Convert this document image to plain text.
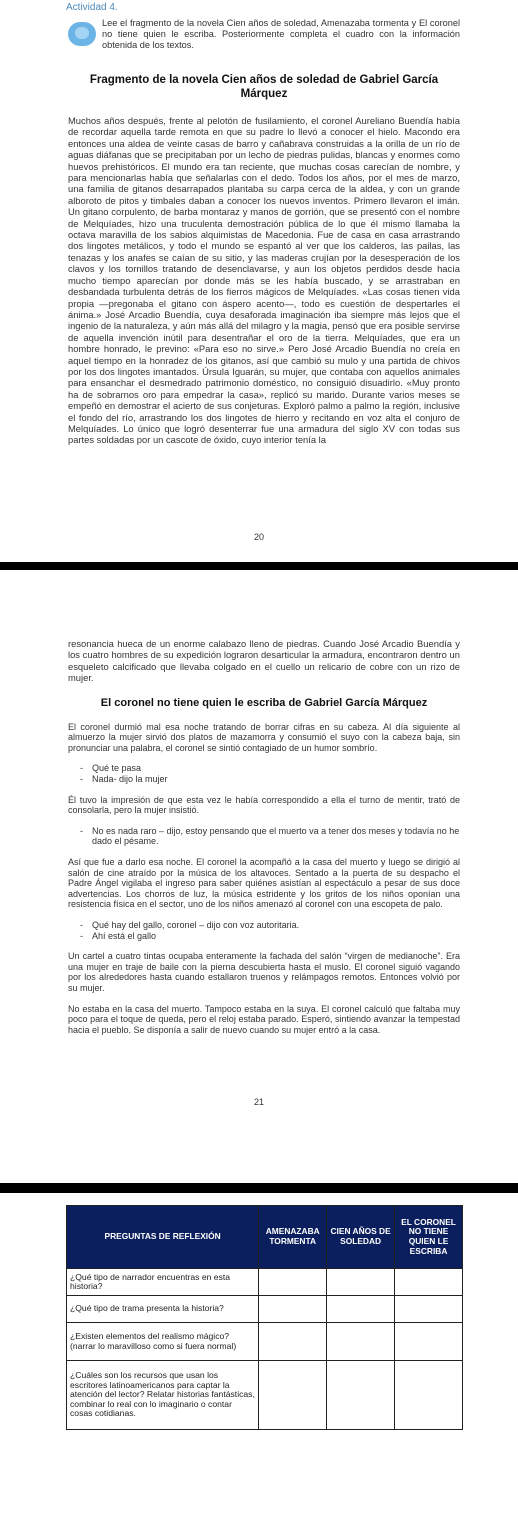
Actividad 4.
Lee el fragmento de la novela Cien años de soledad, Amenazaba tormenta y El coronel no tiene quien le escriba. Posteriormente completa el cuadro con la información obtenida de los textos.
Fragmento de la novela Cien años de soledad de Gabriel García Márquez

Muchos años después, frente al pelotón de fusilamiento, el coronel Aureliano Buendía había de recordar aquella tarde remota en que su padre lo llevó a conocer el hielo. Macondo era entonces una aldea de veinte casas de barro y cañabrava construidas a la orilla de un río de aguas diáfanas que se precipitaban por un lecho de piedras pulidas, blancas y enormes como huevos prehistóricos. El mundo era tan reciente, que muchas cosas carecían de nombre, y para mencionarlas había que señalarlas con el dedo. Todos los años, por el mes de marzo, una familia de gitanos desarrapados plantaba su carpa cerca de la aldea, y con un grande alboroto de pitos y timbales daban a conocer los nuevos inventos. Primero llevaron el imán. Un gitano corpulento, de barba montaraz y manos de gorrión, que se presentó con el nombre de Melquíades, hizo una truculenta demostración pública de lo que él mismo llamaba la octava maravilla de los sabios alquimistas de Macedonia. Fue de casa en casa arrastrando dos lingotes metálicos, y todo el mundo se espantó al ver que los calderos, las pailas, las tenazas y los anafes se caían de su sitio, y las maderas crujían por la desesperación de los clavos y los tornillos tratando de desenclavarse, y aun los objetos perdidos desde hacía mucho tiempo aparecían por donde más se les había buscado, y se arrastraban en desbandada turbulenta detrás de los fierros mágicos de Melquíades. «Las cosas tienen vida propia —pregonaba el gitano con áspero acento—, todo es cuestión de despertarles el ánima.» José Arcadio Buendía, cuya desaforada imaginación iba siempre más lejos que el ingenio de la naturaleza, y aún más allá del milagro y la magia, pensó que era posible servirse de aquella invención inútil para desentrañar el oro de la tierra. Melquíades, que era un hombre honrado, le previno: «Para eso no sirve.» Pero José Arcadio Buendía no creía en aquel tiempo en la honradez de los gitanos, así que cambió su mulo y una partida de chivos por los dos lingotes imantados. Úrsula Iguarán, su mujer, que contaba con aquellos animales para ensanchar el desmedrado patrimonio doméstico, no consiguió disuadirlo. «Muy pronto ha de sobrarnos oro para empedrar la casa», replicó su marido. Durante varios meses se empeñó en demostrar el acierto de sus conjeturas. Exploró palmo a palmo la región, inclusive el fondo del río, arrastrando los dos lingotes de hierro y recitando en voz alta el conjuro de Melquíades. Lo único que logró desenterrar fue una armadura del siglo XV con todas sus partes soldadas por un cascote de óxido, cuyo interior tenía la

20

resonancia hueca de un enorme calabazo lleno de piedras. Cuando José Arcadio Buendía y los cuatro hombres de su expedición lograron desarticular la armadura, encontraron dentro un esqueleto calcificado que llevaba colgado en el cuello un relicario de cobre con un rizo de mujer.

El coronel no tiene quien le escriba de Gabriel García Márquez

El coronel durmió mal esa noche tratando de borrar cifras en su cabeza. Al día siguiente al almuerzo la mujer sirvió dos platos de mazamorra y consumió el suyo con la cabeza baja, sin pronunciar una palabra, el coronel se sintió contagiado de un humor sombrío.

- Qué te pasa
- Nada- dijo la mujer

Él tuvo la impresión de que esta vez le había correspondido a ella el turno de mentir, trató de consolarla, pero la mujer insistió.

- No es nada raro – dijo, estoy pensando que el muerto va a tener dos meses y todavía no he dado el pésame.

Así que fue a darlo esa noche. El coronel la acompañó a la casa del muerto y luego se dirigió al salón de cine atraído por la música de los altavoces. Sentado a la puerta de su despacho el Padre Ángel vigilaba el ingreso para saber quiénes asistían al espectáculo a pesar de sus doce advertencias. Los chorros de luz, la música estridente y los gritos de los niños oponían una resistencia física en el sector, uno de los niños amenazó al coronel con una escopeta de palo.

- Qué hay del gallo, coronel – dijo con voz autoritaria.
- Ahí está el gallo

Un cartel a cuatro tintas ocupaba enteramente la fachada del salón “virgen de medianoche”. Era una mujer en traje de baile con la pierna descubierta hasta el muslo. El coronel siguió vagando por los alrededores hasta cuando estallaron truenos y relámpagos remotos. Entonces volvió por su mujer.

No estaba en la casa del muerto. Tampoco estaba en la suya. El coronel calculó que faltaba muy poco para el toque de queda, pero el reloj estaba parado. Esperó, sintiendo avanzar la tempestad hacia el pueblo. Se disponía a salir de nuevo cuando su mujer entró a la casa.

21
PREGUNTAS DE REFLEXIÓN	AMENAZABA TORMENTA	CIEN AÑOS DE SOLEDAD	EL CORONEL NO TIENE QUIEN LE ESCRIBA
¿Qué tipo de narrador encuentras en esta historia?			
¿Qué tipo de trama presenta la historia?			
¿Existen elementos del realismo mágico? (narrar lo maravilloso como si fuera normal)			
¿Cuáles son los recursos que usan los escritores latinoamericanos para captar la atención del lector? Relatar historias fantásticas, combinar lo real con lo imaginario o contar cosas cotidianas.			
